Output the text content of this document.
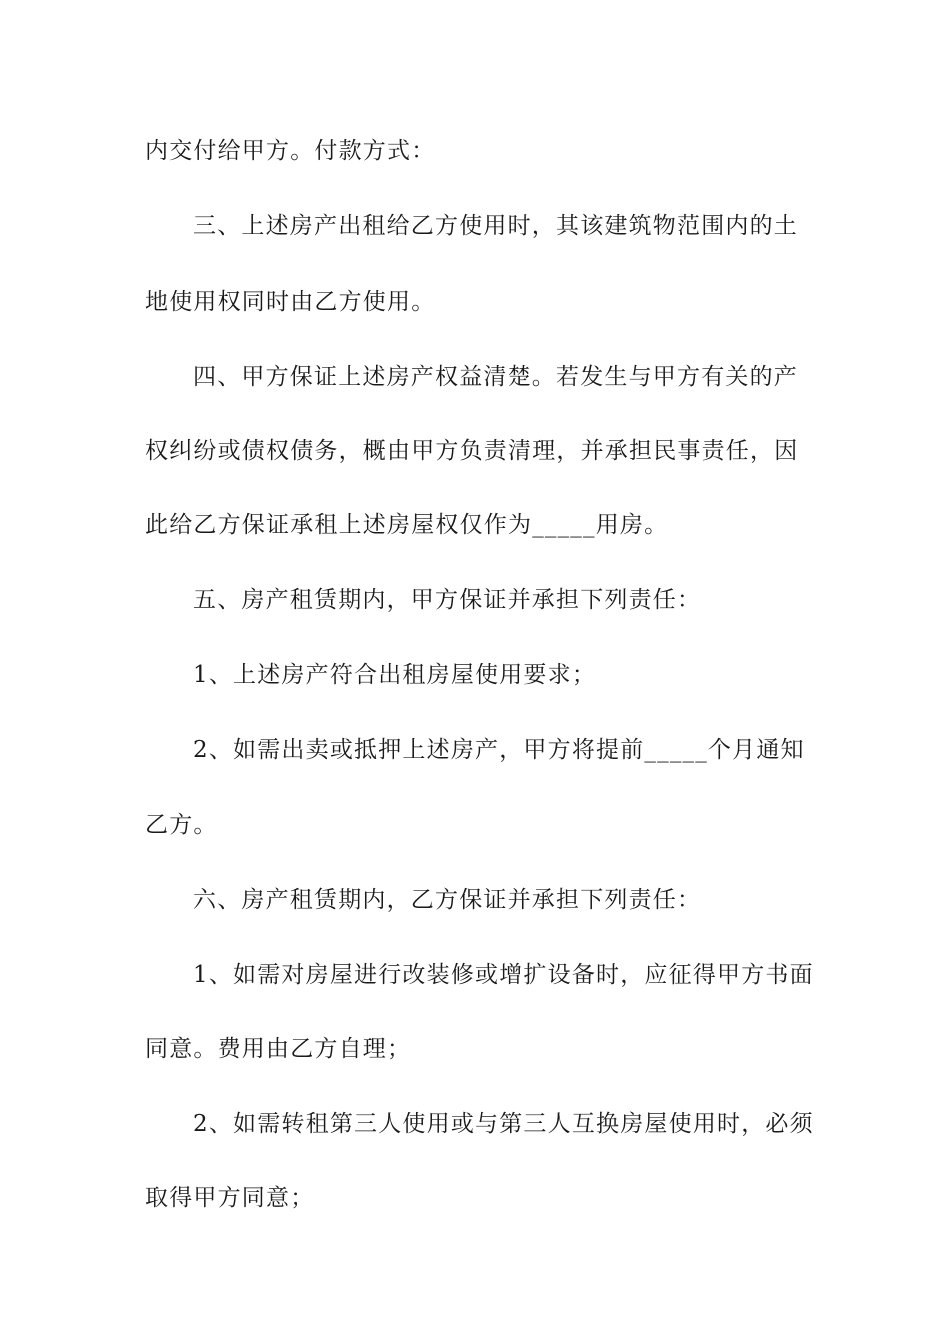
内交付给甲方。付款方式：
三、上述房产出租给乙方使用时，其该建筑物范围内的土
地使用权同时由乙方使用。
四、甲方保证上述房产权益清楚。若发生与甲方有关的产
权纠纷或债权债务，概由甲方负责清理，并承担民事责任，因
此给乙方保证承租上述房屋权仅作为_____用房。
五、房产租赁期内，甲方保证并承担下列责任：
1、上述房产符合出租房屋使用要求；
2、如需出卖或抵押上述房产，甲方将提前_____个月通知
乙方。
六、房产租赁期内，乙方保证并承担下列责任：
1、如需对房屋进行改装修或增扩设备时，应征得甲方书面
同意。费用由乙方自理；
2、如需转租第三人使用或与第三人互换房屋使用时，必须
取得甲方同意；
